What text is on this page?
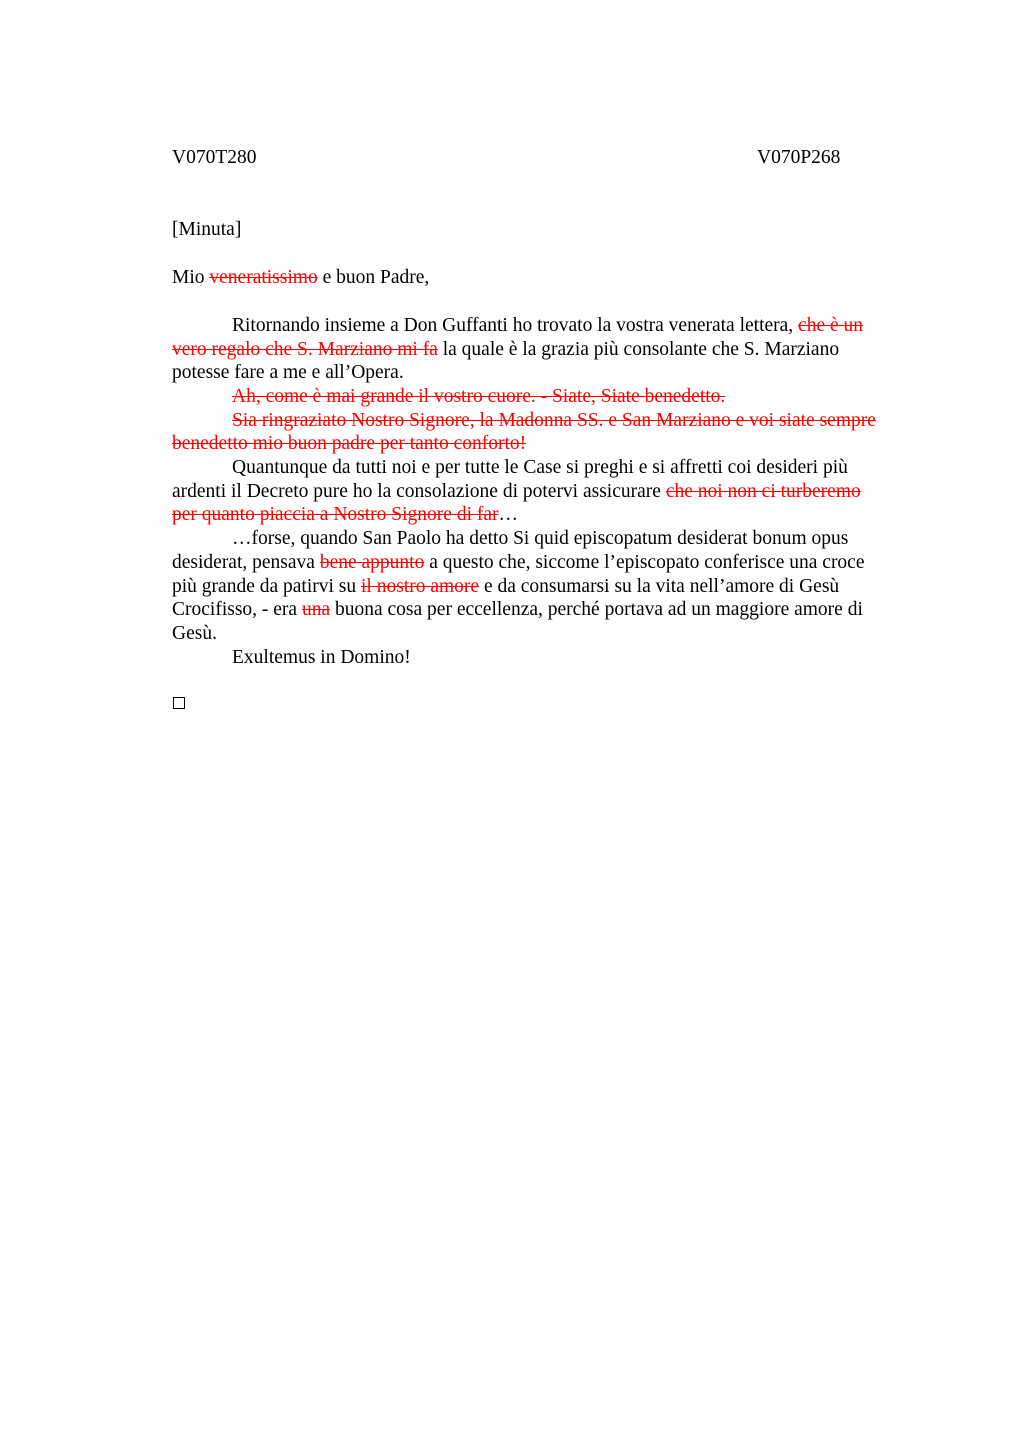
V070T280	V070P268
[Minuta]
Mio veneratissimo e buon Padre,
Ritornando insieme a Don Guffanti ho trovato la vostra venerata lettera, che è un
vero regalo che S. Marziano mi fa la quale è la grazia più consolante che S. Marziano
potesse fare a me e all’Opera.
Ah, come è mai grande il vostro cuore. - Siate, Siate benedetto.
Sia ringraziato Nostro Signore, la Madonna SS. e San Marziano e voi siate sempre
benedetto mio buon padre per tanto conforto!
Quantunque da tutti noi e per tutte le Case si preghi e si affretti coi desideri più
ardenti il Decreto pure ho la consolazione di potervi assicurare che noi non ci turberemo
per quanto piaccia a Nostro Signore di far…
…forse, quando San Paolo ha detto Si quid episcopatum desiderat bonum opus
desiderat, pensava bene appunto a questo che, siccome l’episcopato conferisce una croce
più grande da patirvi su il nostro amore e da consumarsi su la vita nell’amore di Gesù
Crocifisso, - era una buona cosa per eccellenza, perché portava ad un maggiore amore di
Gesù.
Exultemus in Domino!
